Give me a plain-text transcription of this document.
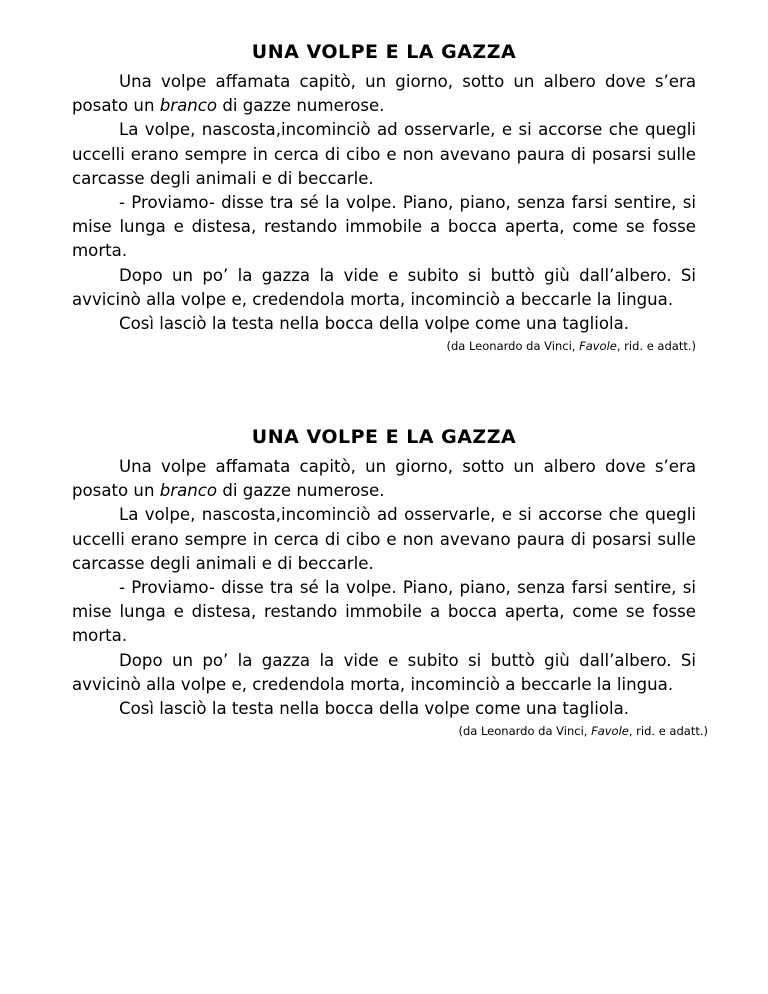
UNA VOLPE E LA GAZZA

Una volpe affamata capitò, un giorno, sotto un albero dove s’era posato un branco di gazze numerose.

La volpe, nascosta,incominciò ad osservarle, e si accorse che quegli uccelli erano sempre in cerca di cibo e non avevano paura di posarsi sulle carcasse degli animali e di beccarle.

- Proviamo- disse tra sé la volpe. Piano, piano, senza farsi sentire, si mise lunga e distesa, restando immobile a bocca aperta, come se fosse morta.

Dopo un po’ la gazza la vide e subito si buttò giù dall’albero. Si avvicinò alla volpe e, credendola morta, incominciò a beccarle la lingua.

Così lasciò la testa nella bocca della volpe come una tagliola.

(da Leonardo da Vinci, Favole, rid. e adatt.)

UNA VOLPE E LA GAZZA

Una volpe affamata capitò, un giorno, sotto un albero dove s’era posato un branco di gazze numerose.

La volpe, nascosta,incominciò ad osservarle, e si accorse che quegli uccelli erano sempre in cerca di cibo e non avevano paura di posarsi sulle carcasse degli animali e di beccarle.

- Proviamo- disse tra sé la volpe. Piano, piano, senza farsi sentire, si mise lunga e distesa, restando immobile a bocca aperta, come se fosse morta.

Dopo un po’ la gazza la vide e subito si buttò giù dall’albero. Si avvicinò alla volpe e, credendola morta, incominciò a beccarle la lingua.

Così lasciò la testa nella bocca della volpe come una tagliola.

(da Leonardo da Vinci, Favole, rid. e adatt.)
